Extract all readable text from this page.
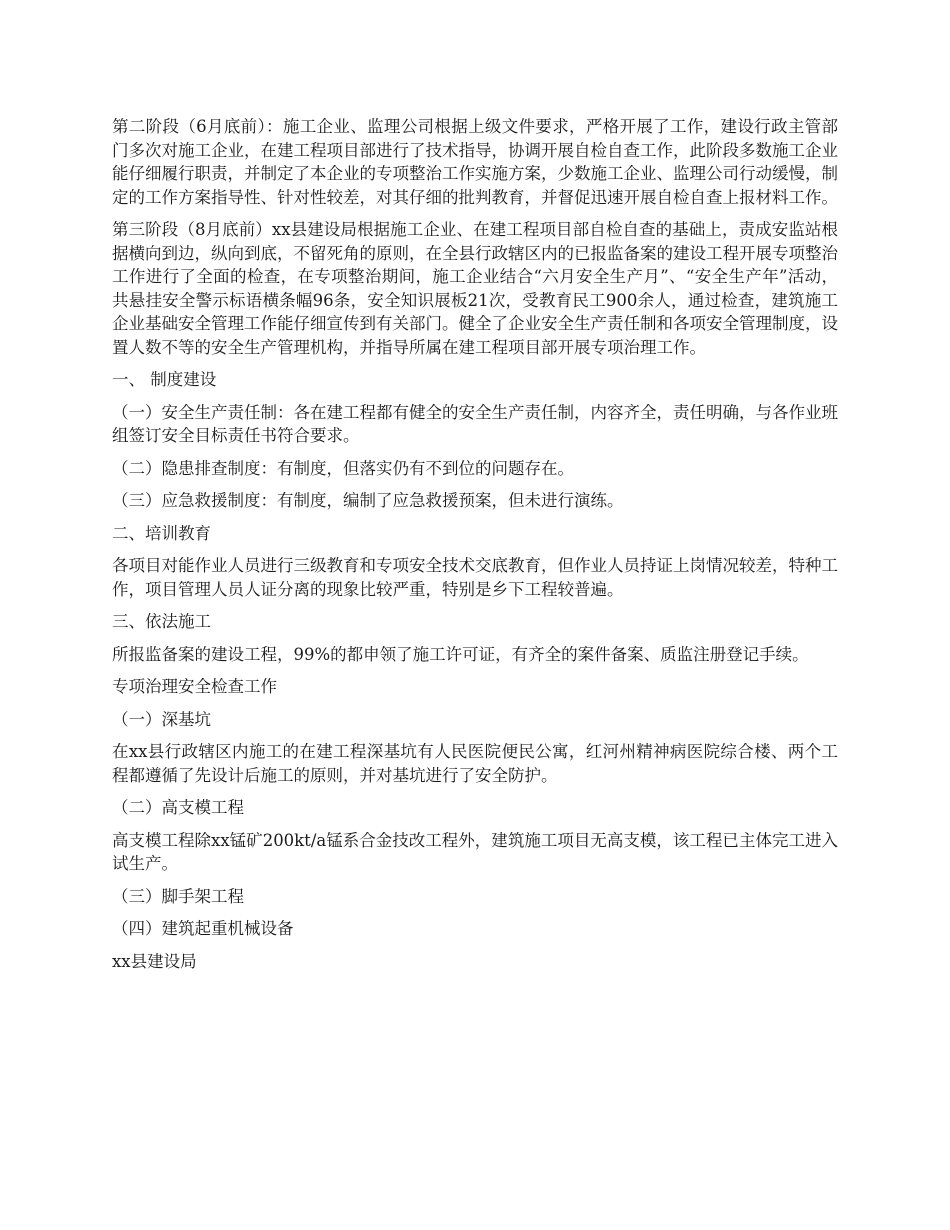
第二阶段（6月底前）：施工企业、监理公司根据上级文件要求，严格开展了工作，建设行政主管部门多次对施工企业，在建工程项目部进行了技术指导，协调开展自检自查工作，此阶段多数施工企业能仔细履行职责，并制定了本企业的专项整治工作实施方案，少数施工企业、监理公司行动缓慢，制定的工作方案指导性、针对性较差，对其仔细的批判教育，并督促迅速开展自检自查上报材料工作。

第三阶段（8月底前）xx县建设局根据施工企业、在建工程项目部自检自查的基础上，责成安监站根据横向到边，纵向到底，不留死角的原则，在全县行政辖区内的已报监备案的建设工程开展专项整治工作进行了全面的检查，在专项整治期间，施工企业结合“六月安全生产月”、“安全生产年”活动，共悬挂安全警示标语横条幅96条，安全知识展板21次，受教育民工900余人，通过检查，建筑施工企业基础安全管理工作能仔细宣传到有关部门。健全了企业安全生产责任制和各项安全管理制度，设置人数不等的安全生产管理机构，并指导所属在建工程项目部开展专项治理工作。

一、 制度建设

（一）安全生产责任制：各在建工程都有健全的安全生产责任制，内容齐全，责任明确，与各作业班组签订安全目标责任书符合要求。

（二）隐患排查制度：有制度，但落实仍有不到位的问题存在。

（三）应急救援制度：有制度，编制了应急救援预案，但未进行演练。

二、培训教育

各项目对能作业人员进行三级教育和专项安全技术交底教育，但作业人员持证上岗情况较差，特种工作，项目管理人员人证分离的现象比较严重，特别是乡下工程较普遍。

三、依法施工

所报监备案的建设工程，99%的都申领了施工许可证，有齐全的案件备案、质监注册登记手续。

专项治理安全检查工作

（一）深基坑

在xx县行政辖区内施工的在建工程深基坑有人民医院便民公寓，红河州精神病医院综合楼、两个工程都遵循了先设计后施工的原则，并对基坑进行了安全防护。

（二）高支模工程

高支模工程除xx锰矿200kt/a锰系合金技改工程外，建筑施工项目无高支模，该工程已主体完工进入试生产。

（三）脚手架工程

（四）建筑起重机械设备

xx县建设局
